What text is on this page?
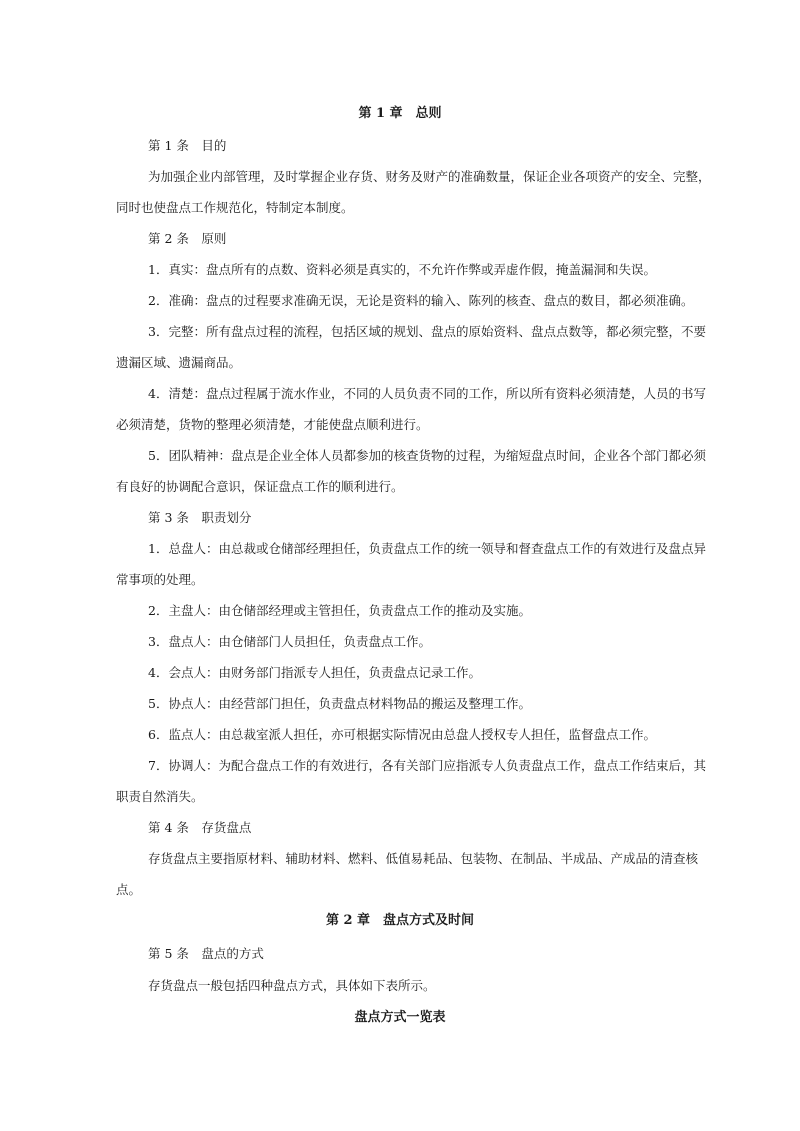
第 1 章　总则
第 1 条　目的
为加强企业内部管理，及时掌握企业存货、财务及财产的准确数量，保证企业各项资产的安全、完整，
同时也使盘点工作规范化，特制定本制度。
第 2 条　原则
1．真实：盘点所有的点数、资料必须是真实的，不允许作弊或弄虚作假，掩盖漏洞和失误。
2．准确：盘点的过程要求准确无误，无论是资料的输入、陈列的核查、盘点的数目，都必须准确。
3．完整：所有盘点过程的流程，包括区域的规划、盘点的原始资料、盘点点数等，都必须完整，不要
遗漏区域、遗漏商品。
4．清楚：盘点过程属于流水作业，不同的人员负责不同的工作，所以所有资料必须清楚，人员的书写
必须清楚，货物的整理必须清楚，才能使盘点顺利进行。
5．团队精神：盘点是企业全体人员都参加的核查货物的过程，为缩短盘点时间，企业各个部门都必须
有良好的协调配合意识，保证盘点工作的顺利进行。
第 3 条　职责划分
1．总盘人：由总裁或仓储部经理担任，负责盘点工作的统一领导和督查盘点工作的有效进行及盘点异
常事项的处理。
2．主盘人：由仓储部经理或主管担任，负责盘点工作的推动及实施。
3．盘点人：由仓储部门人员担任，负责盘点工作。
4．会点人：由财务部门指派专人担任，负责盘点记录工作。
5．协点人：由经营部门担任，负责盘点材料物品的搬运及整理工作。
6．监点人：由总裁室派人担任，亦可根据实际情况由总盘人授权专人担任，监督盘点工作。
7．协调人：为配合盘点工作的有效进行，各有关部门应指派专人负责盘点工作，盘点工作结束后，其
职责自然消失。
第 4 条　存货盘点
存货盘点主要指原材料、辅助材料、燃料、低值易耗品、包装物、在制品、半成品、产成品的清查核
点。
第 2 章　盘点方式及时间
第 5 条　盘点的方式
存货盘点一般包括四种盘点方式，具体如下表所示。
盘点方式一览表
